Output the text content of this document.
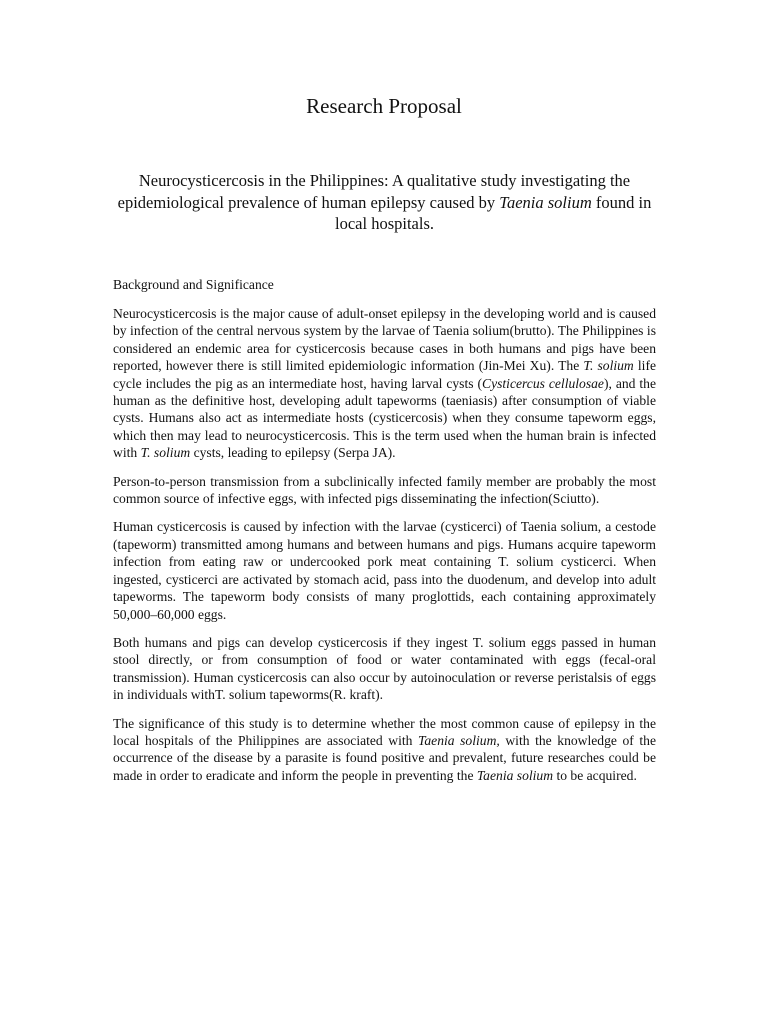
Research Proposal

Neurocysticercosis in the Philippines: A qualitative study investigating the epidemiological prevalence of human epilepsy caused by Taenia solium found in local hospitals.

Background and Significance

Neurocysticercosis is the major cause of adult-onset epilepsy in the developing world and is caused by infection of the central nervous system by the larvae of Taenia solium(brutto). The Philippines is considered an endemic area for cysticercosis because cases in both humans and pigs have been reported, however there is still limited epidemiologic information (Jin-Mei Xu). The T. solium life cycle includes the pig as an intermediate host, having larval cysts (Cysticercus cellulosae), and the human as the definitive host, developing adult tapeworms (taeniasis) after consumption of viable cysts. Humans also act as intermediate hosts (cysticercosis) when they consume tapeworm eggs, which then may lead to neurocysticercosis. This is the term used when the human brain is infected with T. solium cysts, leading to epilepsy (Serpa JA).

Person-to-person transmission from a subclinically infected family member are probably the most common source of infective eggs, with infected pigs disseminating the infection(Sciutto).

Human cysticercosis is caused by infection with the larvae (cysticerci) of Taenia solium, a cestode (tapeworm) transmitted among humans and between humans and pigs. Humans acquire tapeworm infection from eating raw or undercooked pork meat containing T. solium cysticerci. When ingested, cysticerci are activated by stomach acid, pass into the duodenum, and develop into adult tapeworms. The tapeworm body consists of many proglottids, each containing approximately 50,000–60,000 eggs.

Both humans and pigs can develop cysticercosis if they ingest T. solium eggs passed in human stool directly, or from consumption of food or water contaminated with eggs (fecal-oral transmission). Human cysticercosis can also occur by autoinoculation or reverse peristalsis of eggs in individuals withT. solium tapeworms(R. kraft).

The significance of this study is to determine whether the most common cause of epilepsy in the local hospitals of the Philippines are associated with Taenia solium, with the knowledge of the occurrence of the disease by a parasite is found positive and prevalent, future researches could be made in order to eradicate and inform the people in preventing the Taenia solium to be acquired.
